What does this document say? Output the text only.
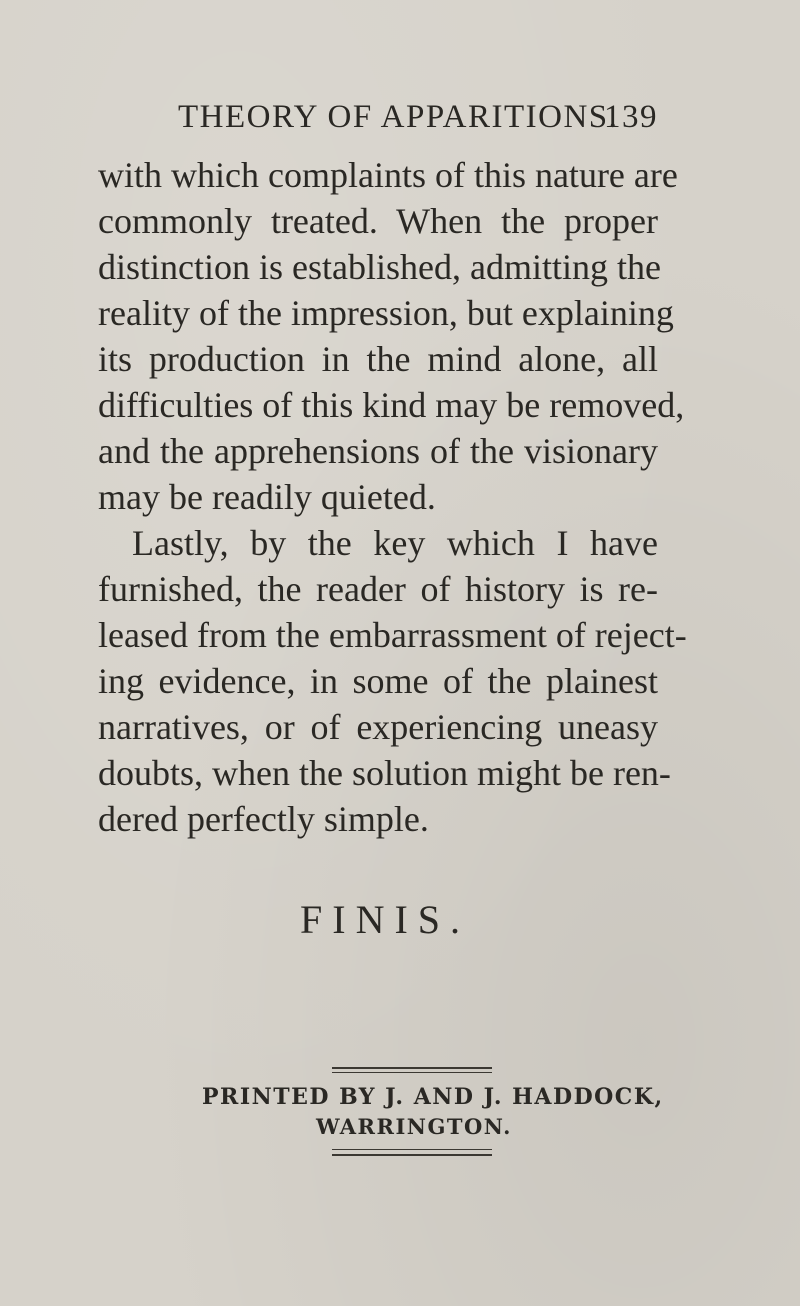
THEORY OF APPARITIONS.
139
with which complaints of this nature are
commonly treated. When the proper
distinction is established, admitting the
reality of the impression, but explaining
its production in the mind alone, all
difficulties of this kind may be removed,
and the apprehensions of the visionary
may be readily quieted.
Lastly, by the key which I have
furnished, the reader of history is re-
leased from the embarrassment of reject-
ing evidence, in some of the plainest
narratives, or of experiencing uneasy
doubts, when the solution might be ren-
dered perfectly simple.
FINIS.
PRINTED BY J. AND J. HADDOCK,
WARRINGTON.
